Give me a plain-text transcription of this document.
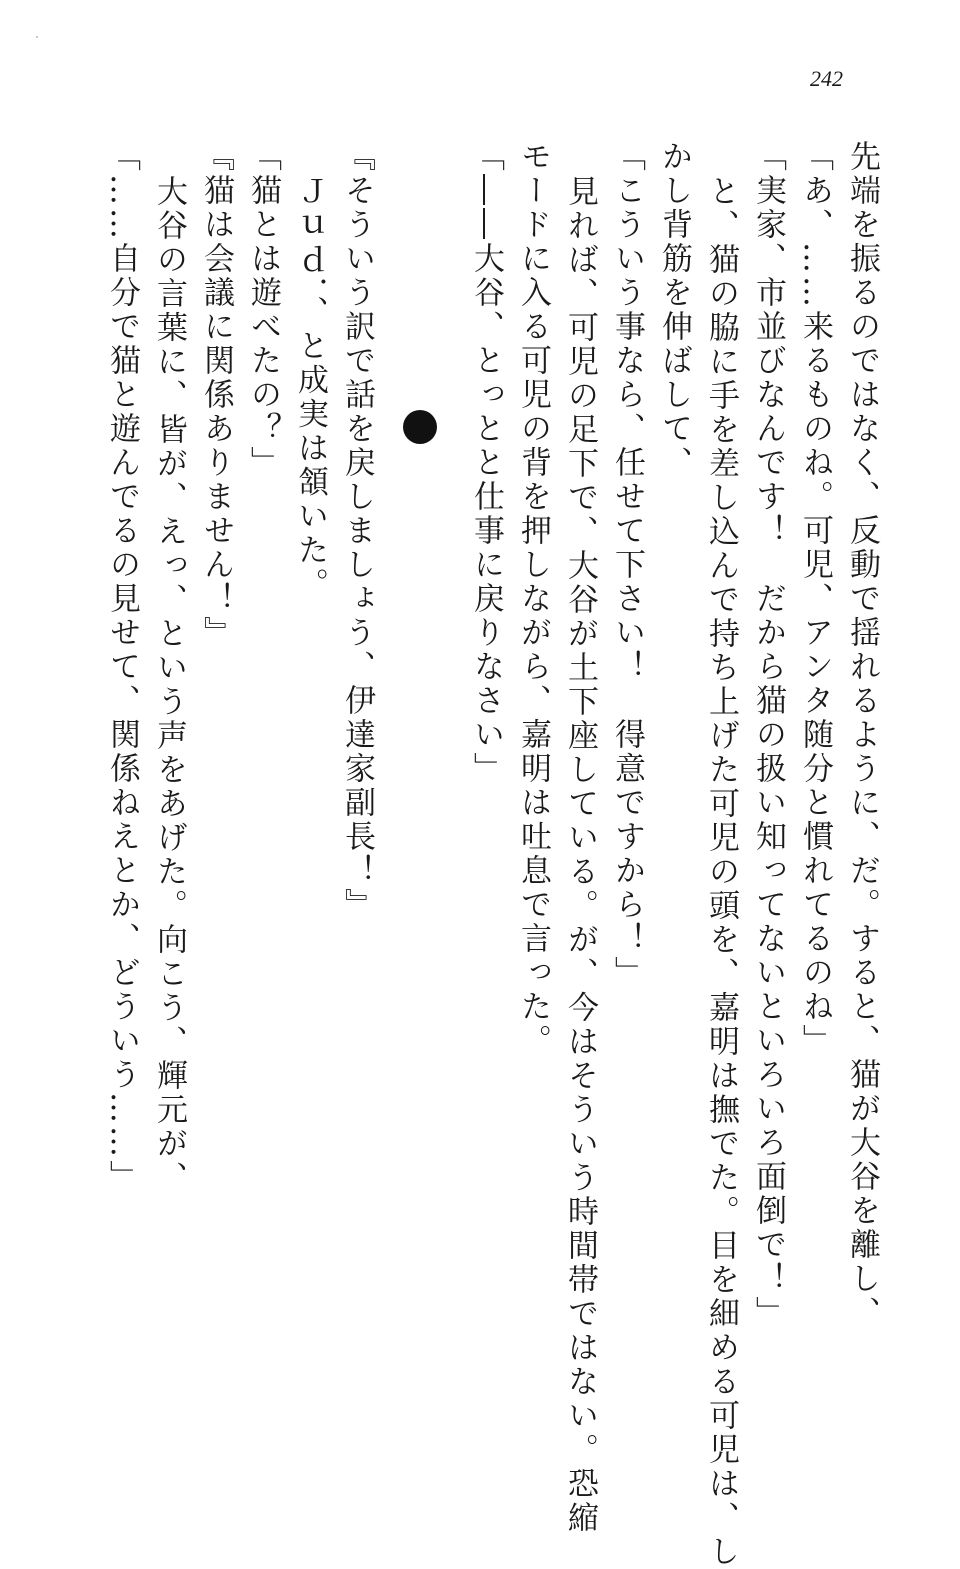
242
先端を振るのではなく、反動で揺れるように、だ。すると、猫が大谷を離し、
「あ、……来るものね。可児、アンタ随分と慣れてるのね」
「実家、市並びなんです！　だから猫の扱い知ってないといろいろ面倒で！」
と、猫の脇に手を差し込んで持ち上げた可児の頭を、嘉明は撫でた。目を細める可児は、し
かし背筋を伸ばして、
「こういう事なら、任せて下さい！　得意ですから！」
見れば、可児の足下で、大谷が土下座している。が、今はそういう時間帯ではない。恐縮
モードに入る可児の背を押しながら、嘉明は吐息で言った。
「――大谷、とっとと仕事に戻りなさい」
『そういう訳で話を戻しましょう、伊達家副長！』
Ｊｕｄ．、と成実は頷いた。
「猫とは遊べたの？」
『猫は会議に関係ありません！』
大谷の言葉に、皆が、えっ、という声をあげた。向こう、輝元が、
「……自分で猫と遊んでるの見せて、関係ねえとか、どういう……」
